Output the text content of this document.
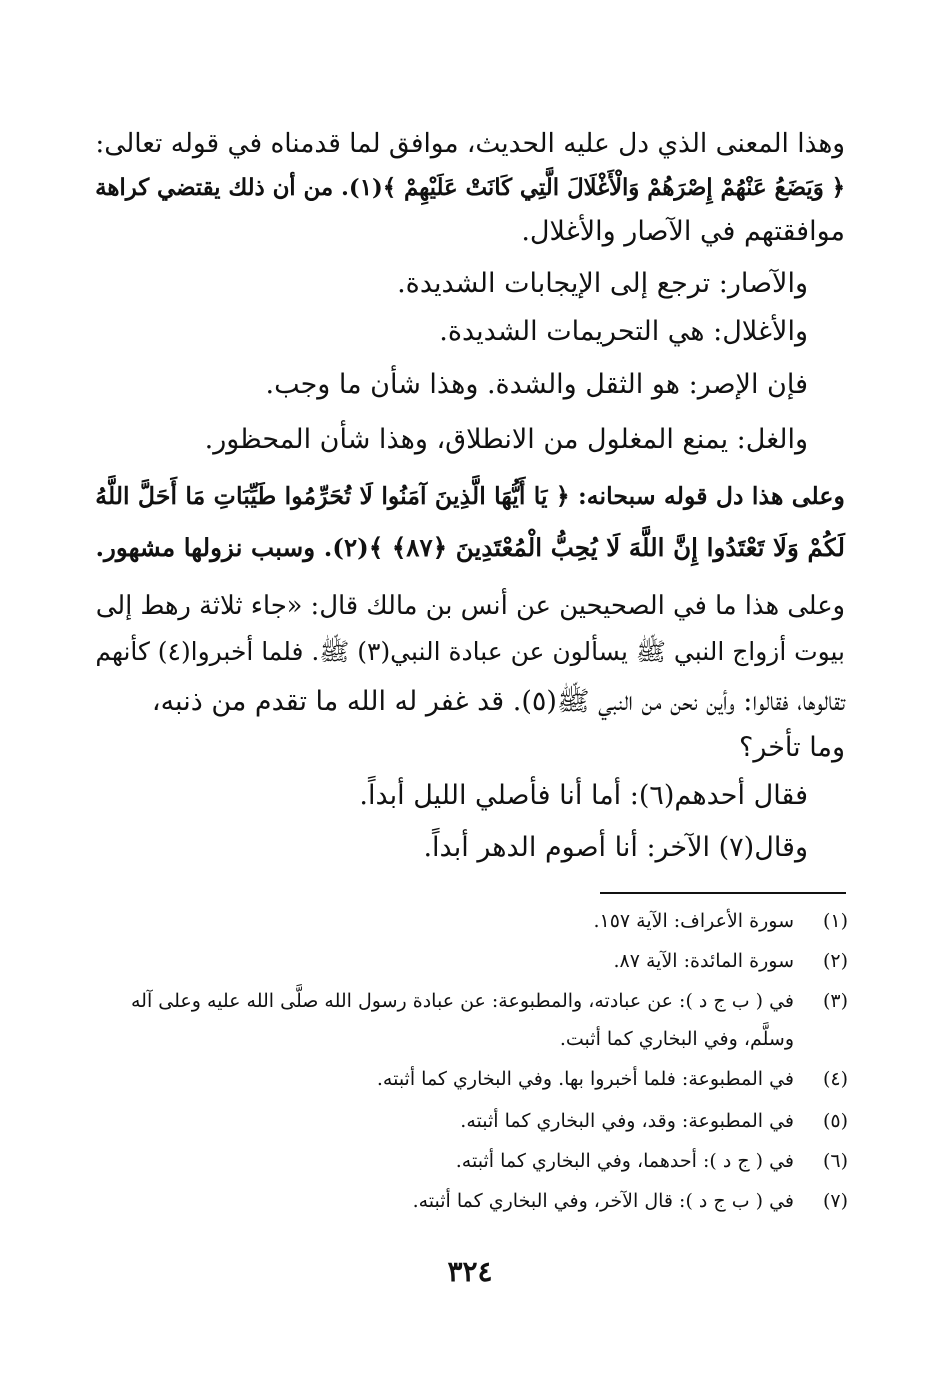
وهذا المعنى الذي دل عليه الحديث، موافق لما قدمناه في قوله تعالى:
﴿ وَيَضَعُ عَنْهُمْ إِصْرَهُمْ وَالْأَغْلَالَ الَّتِي كَانَتْ عَلَيْهِمْ ﴾(١). من أن ذلك يقتضي كراهة
موافقتهم في الآصار والأغلال.
والآصار: ترجع إلى الإيجابات الشديدة.
والأغلال: هي التحريمات الشديدة.
فإن الإصر: هو الثقل والشدة. وهذا شأن ما وجب.
والغل: يمنع المغلول من الانطلاق، وهذا شأن المحظور.
وعلى هذا دل قوله سبحانه: ﴿ يَا أَيُّهَا الَّذِينَ آمَنُوا لَا تُحَرِّمُوا طَيِّبَاتِ مَا أَحَلَّ اللَّهُ
لَكُمْ وَلَا تَعْتَدُوا إِنَّ اللَّهَ لَا يُحِبُّ الْمُعْتَدِينَ ﴿٨٧﴾ ﴾(٢). وسبب نزولها مشهور.
وعلى هذا ما في الصحيحين عن أنس بن مالك قال: «جاء ثلاثة رهط إلى
بيوت أزواج النبي ﷺ يسألون عن عبادة النبي(٣) ﷺ. فلما أخبروا(٤) كأنهم
تقالوها، فقالوا: وأين نحن من النبي ﷺ(٥). قد غفر له الله ما تقدم من ذنبه،
وما تأخر؟
فقال أحدهم(٦): أما أنا فأصلي الليل أبداً.
وقال(٧) الآخر: أنا أصوم الدهر أبداً.
(١)
سورة الأعراف: الآية ١٥٧.
(٢)
سورة المائدة: الآية ٨٧.
(٣)
في ( ب ج د ): عن عبادته، والمطبوعة: عن عبادة رسول الله صلَّى الله عليه وعلى آله
وسلَّم، وفي البخاري كما أثبت.
(٤)
في المطبوعة: فلما أخبروا بها. وفي البخاري كما أثبته.
(٥)
في المطبوعة: وقد، وفي البخاري كما أثبته.
(٦)
في ( ج د ): أحدهما، وفي البخاري كما أثبته.
(٧)
في ( ب ج د ): قال الآخر، وفي البخاري كما أثبته.
٣٢٤
